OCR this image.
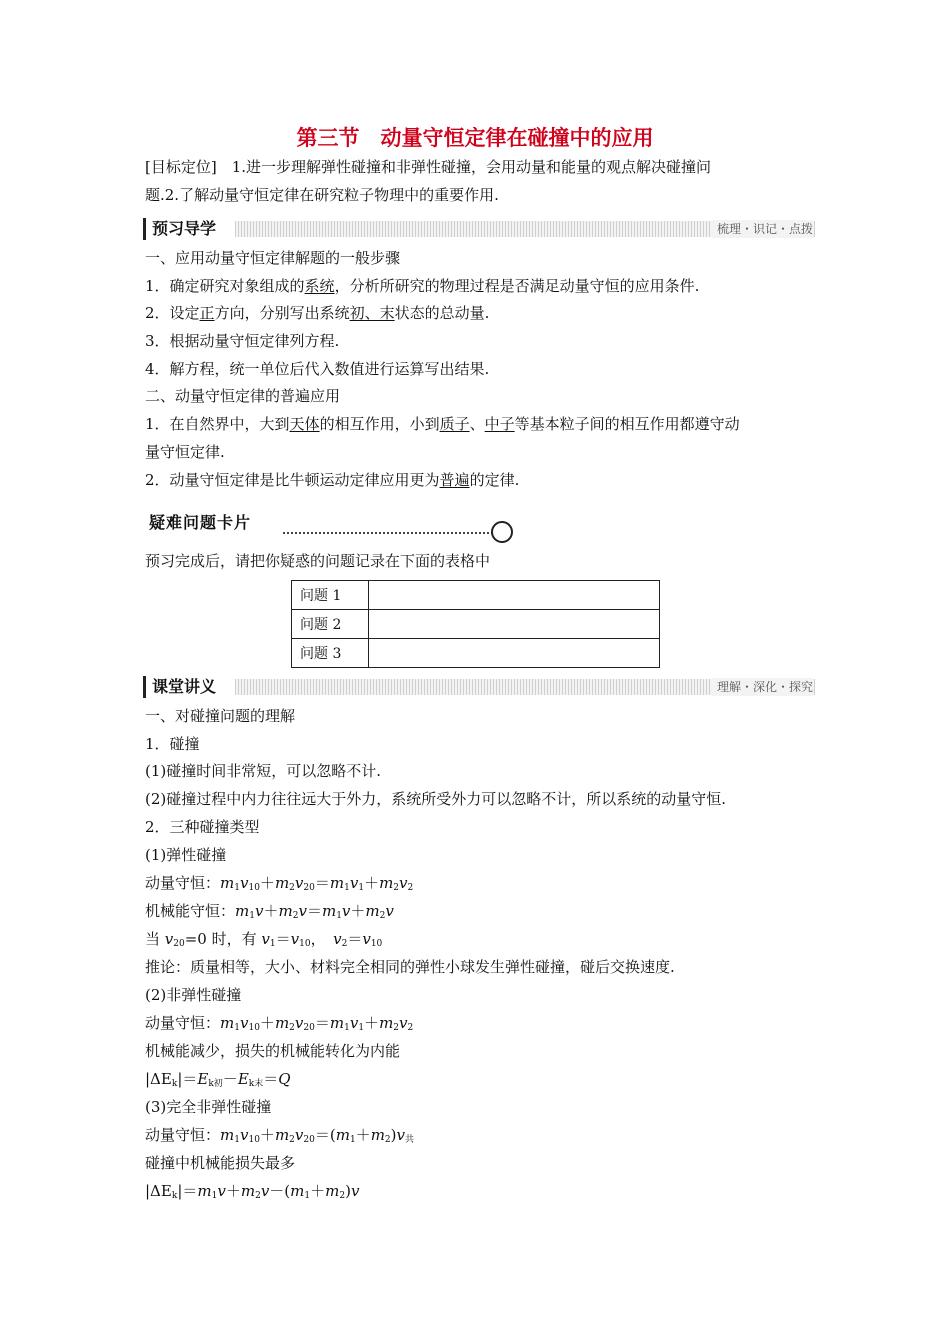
第三节　动量守恒定律在碰撞中的应用
[目标定位]　1.进一步理解弹性碰撞和非弹性碰撞，会用动量和能量的观点解决碰撞问
题.2.了解动量守恒定律在研究粒子物理中的重要作用.
预习导学	梳理・识记・点拨
一、应用动量守恒定律解题的一般步骤
1．确定研究对象组成的系统，分析所研究的物理过程是否满足动量守恒的应用条件.
2．设定正方向，分别写出系统初、末状态的总动量.
3．根据动量守恒定律列方程.
4．解方程，统一单位后代入数值进行运算写出结果.
二、动量守恒定律的普遍应用
1．在自然界中，大到天体的相互作用，小到质子、中子等基本粒子间的相互作用都遵守动
量守恒定律.
2．动量守恒定律是比牛顿运动定律应用更为普遍的定律.
疑难问题卡片
预习完成后，请把你疑惑的问题记录在下面的表格中
问题 1	
问题 2	
问题 3	
课堂讲义	理解・深化・探究
一、对碰撞问题的理解
1．碰撞
(1)碰撞时间非常短，可以忽略不计.
(2)碰撞过程中内力往往远大于外力，系统所受外力可以忽略不计，所以系统的动量守恒.
2．三种碰撞类型
(1)弹性碰撞
动量守恒：$m_1v_{10}+m_2v_{20}=m_1v_1+m_2v_2$
机械能守恒：$m_1v+m_2v=m_1v+m_2v$
当 $v_{20}=0$ 时，有 $v_1=v_{10}$，　$v_2=v_{10}$
推论：质量相等，大小、材料完全相同的弹性小球发生弹性碰撞，碰后交换速度.
(2)非弹性碰撞
动量守恒：$m_1v_{10}+m_2v_{20}=m_1v_1+m_2v_2$
机械能减少，损失的机械能转化为内能
$|\Delta E_k|=E_{k初}-E_{k末}=Q$
(3)完全非弹性碰撞
动量守恒：$m_1v_{10}+m_2v_{20}=(m_1+m_2)v_共$
碰撞中机械能损失最多
$|\Delta E_k|=m_1v+m_2v-(m_1+m_2)v$
